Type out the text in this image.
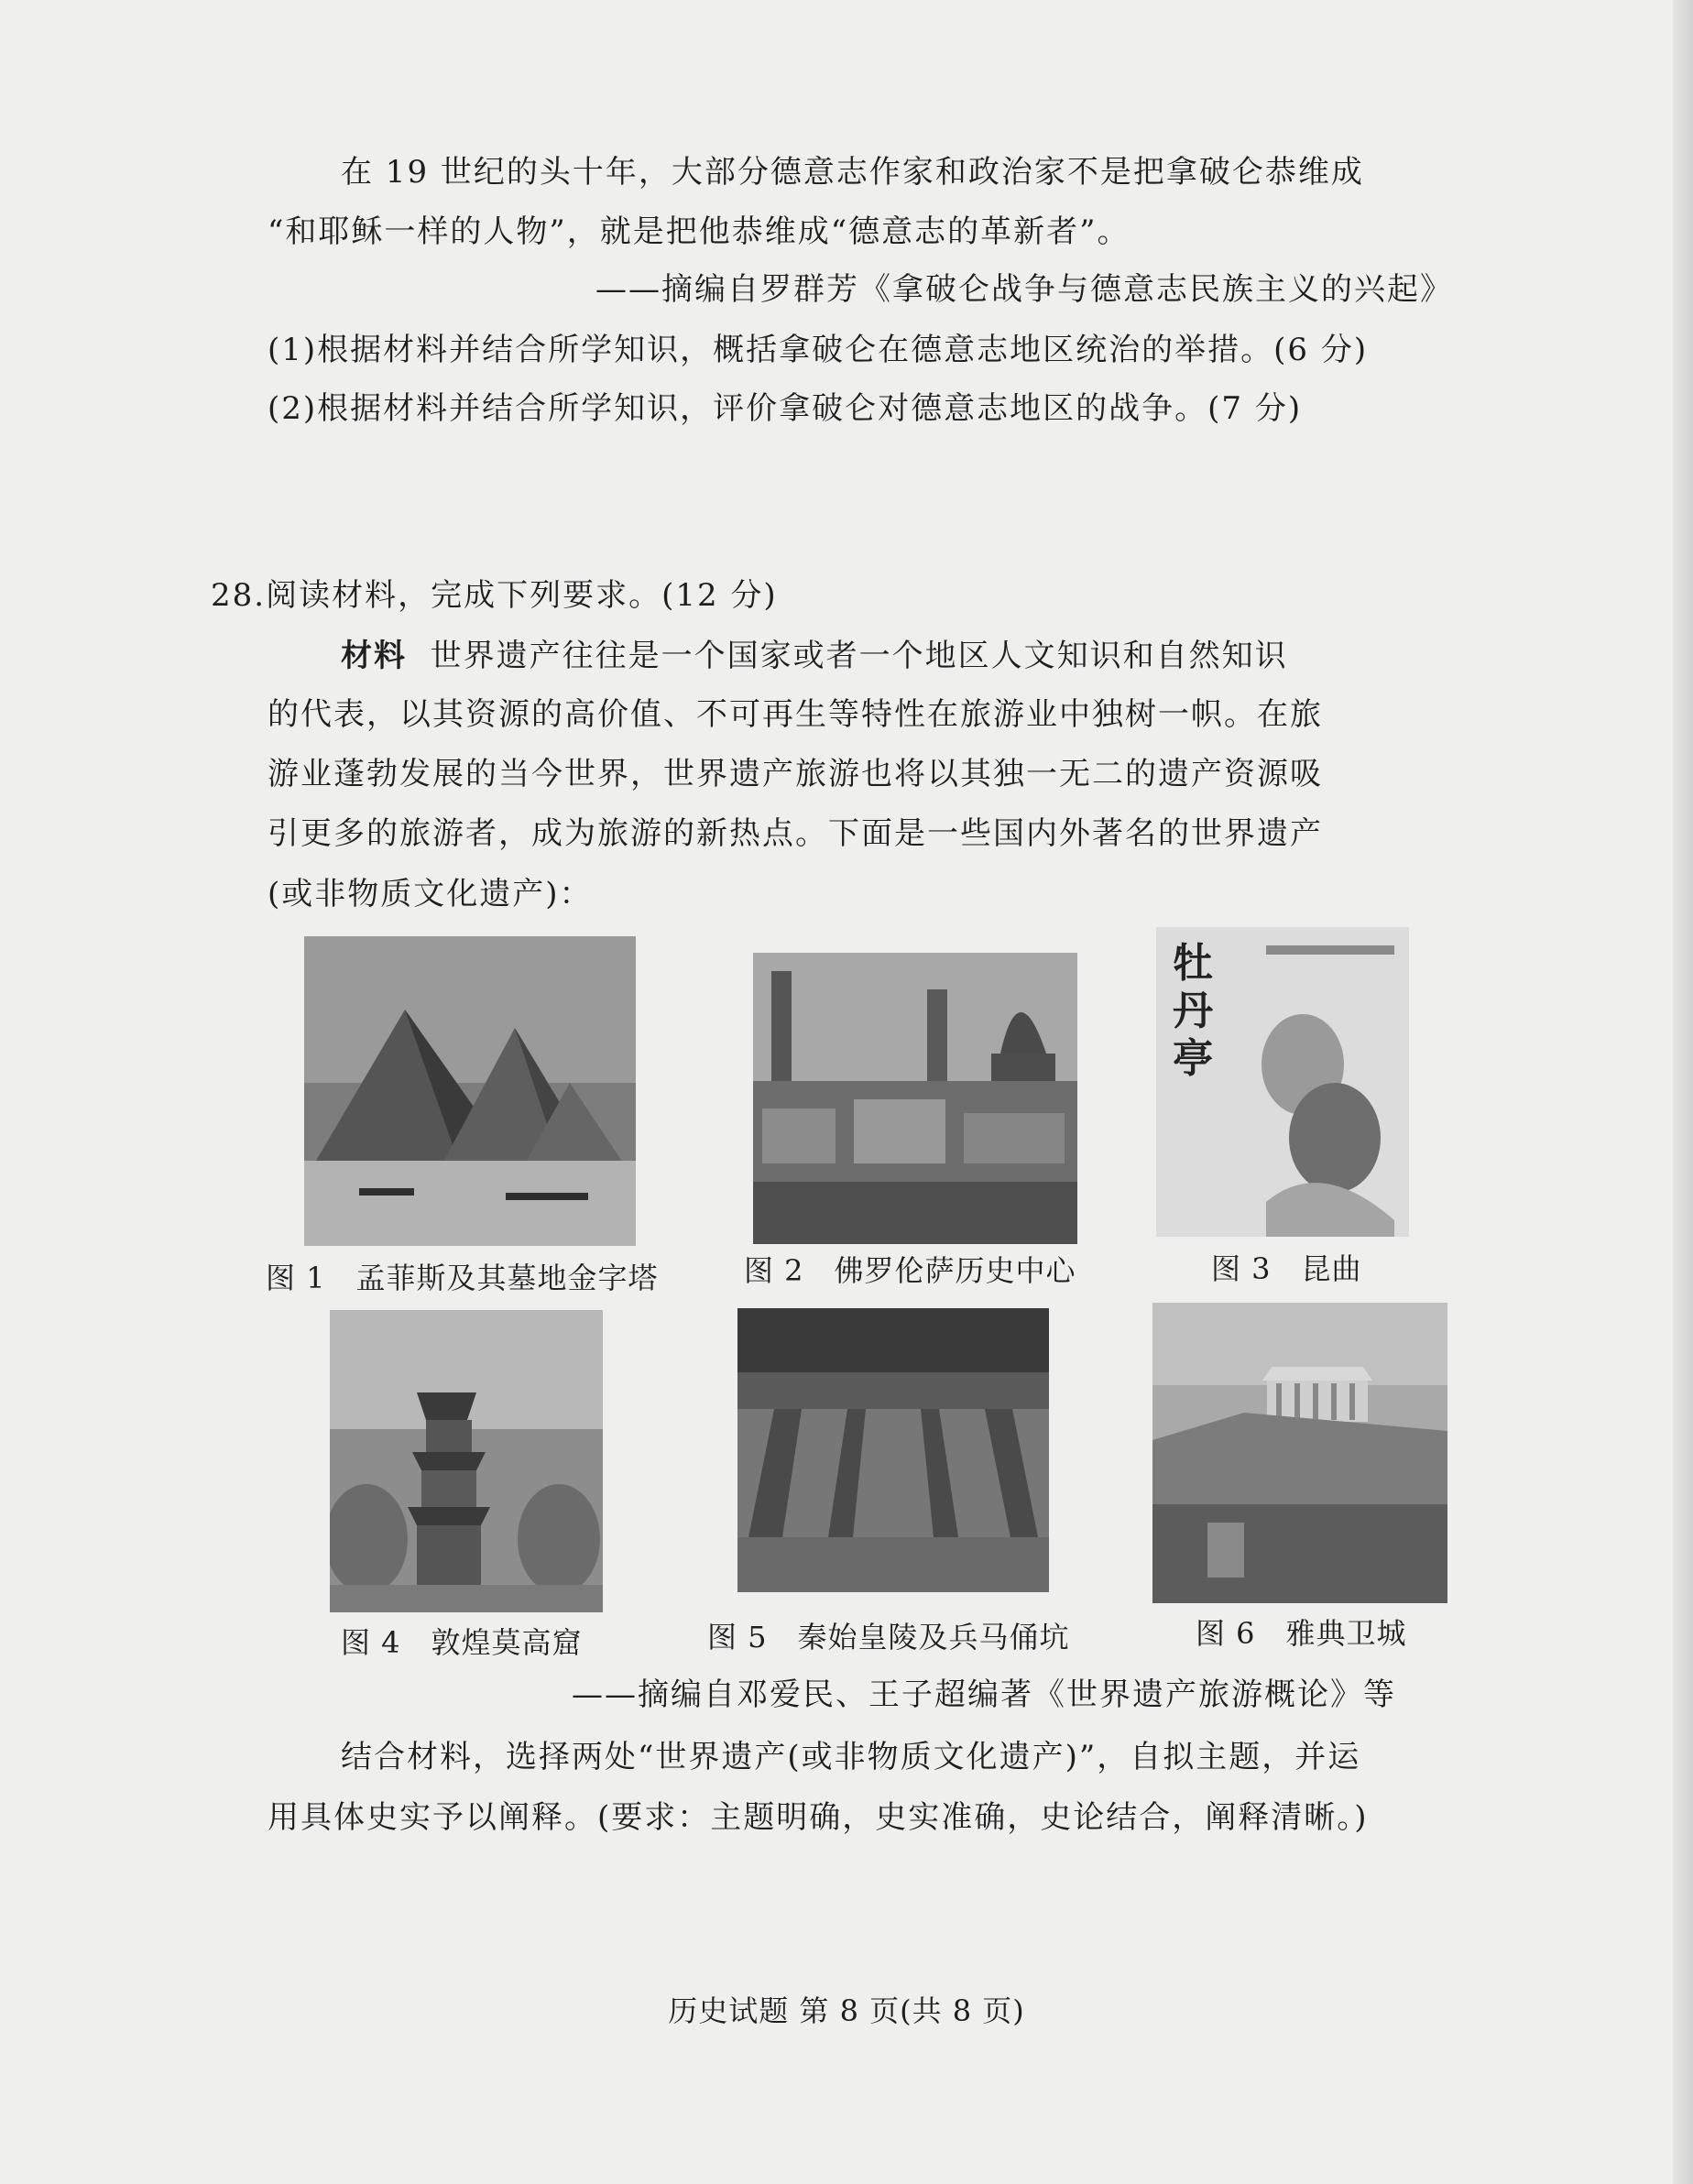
在 19 世纪的头十年，大部分德意志作家和政治家不是把拿破仑恭维成
“和耶稣一样的人物”，就是把他恭维成“德意志的革新者”。
——摘编自罗群芳《拿破仑战争与德意志民族主义的兴起》
(1)根据材料并结合所学知识，概括拿破仑在德意志地区统治的举措。(6 分)
(2)根据材料并结合所学知识，评价拿破仑对德意志地区的战争。(7 分)
28.阅读材料，完成下列要求。(12 分)
材料 世界遗产往往是一个国家或者一个地区人文知识和自然知识
的代表，以其资源的高价值、不可再生等特性在旅游业中独树一帜。在旅
游业蓬勃发展的当今世界，世界遗产旅游也将以其独一无二的遗产资源吸
引更多的旅游者，成为旅游的新热点。下面是一些国内外著名的世界遗产
(或非物质文化遗产)：
图 1　孟菲斯及其墓地金字塔	图 2　佛罗伦萨历史中心
牡丹亭
图 3　昆曲
图 4　敦煌莫高窟	图 5　秦始皇陵及兵马俑坑	图 6　雅典卫城
——摘编自邓爱民、王子超编著《世界遗产旅游概论》等
结合材料，选择两处“世界遗产(或非物质文化遗产)”，自拟主题，并运
用具体史实予以阐释。(要求：主题明确，史实准确，史论结合，阐释清晰。)
历史试题 第 8 页(共 8 页)
